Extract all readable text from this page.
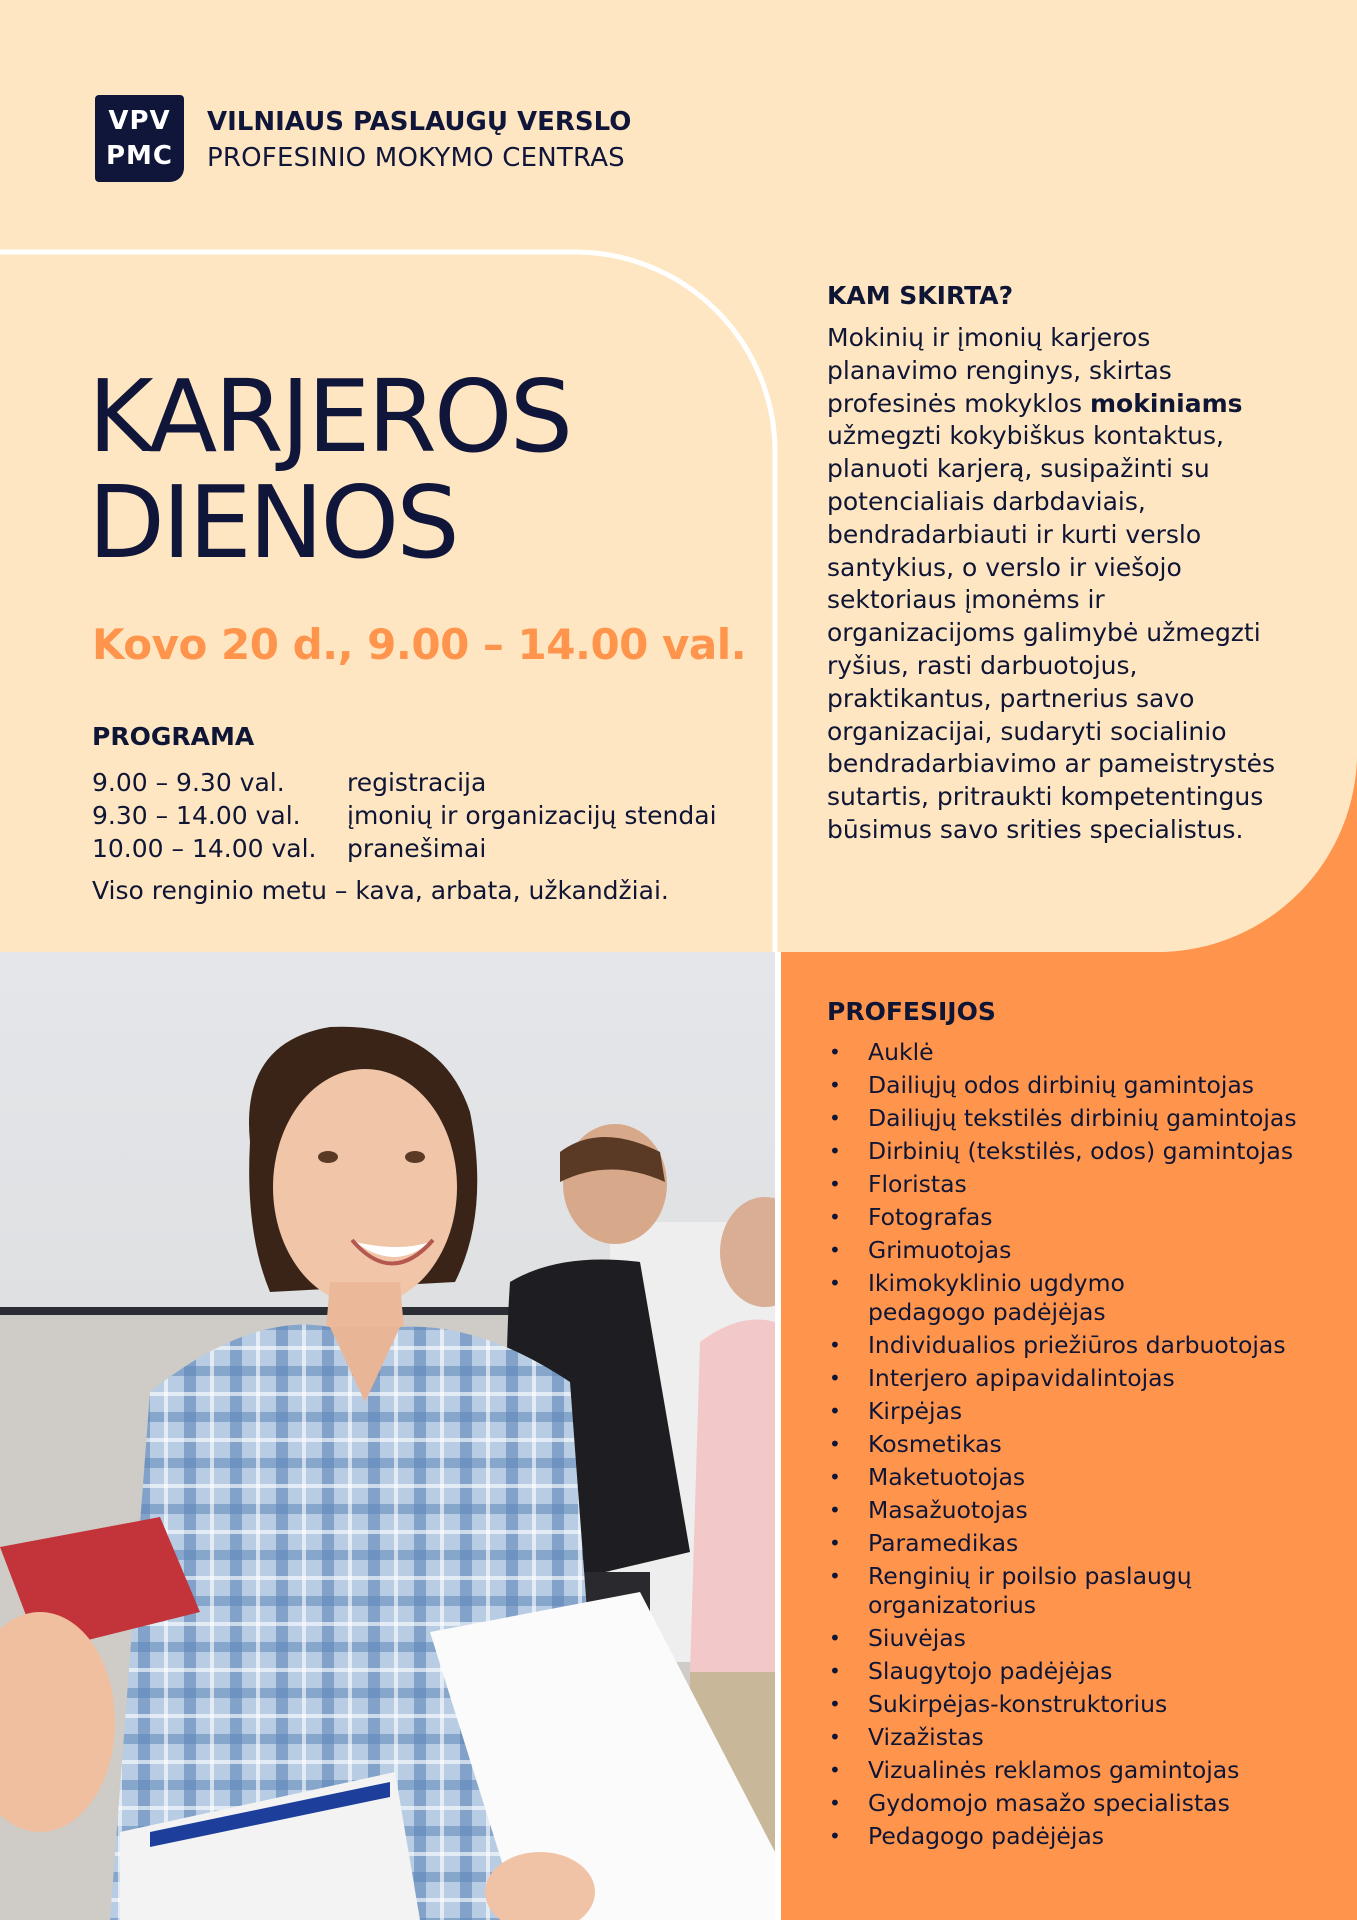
VPV
PMC
VILNIAUS PASLAUGŲ VERSLO
PROFESINIO MOKYMO CENTRAS
KARJEROS
DIENOS
Kovo 20 d., 9.00 – 14.00 val.
PROGRAMA
9.00 – 9.30 val.	registracija
9.30 – 14.00 val.	įmonių ir organizacijų stendai
10.00 – 14.00 val.	pranešimai
Viso renginio metu – kava, arbata, užkandžiai.
KAM SKIRTA?
Mokinių ir įmonių karjeros planavimo renginys, skirtas profesinės mokyklos mokiniams užmegzti kokybiškus kontaktus, planuoti karjerą, susipažinti su potencialiais darbdaviais, bendradarbiauti ir kurti verslo santykius, o verslo ir viešojo sektoriaus įmonėms ir organizacijoms galimybė užmegzti ryšius, rasti darbuotojus, praktikantus, partnerius savo organizacijai, sudaryti socialinio bendradarbiavimo ar pameistrystės sutartis, pritraukti kompetentingus būsimus savo srities specialistus.
PROFESIJOS
• Auklė
• Dailiųjų odos dirbinių gamintojas
• Dailiųjų tekstilės dirbinių gamintojas
• Dirbinių (tekstilės, odos) gamintojas
• Floristas
• Fotografas
• Grimuotojas
• Ikimokyklinio ugdymo pedagogo padėjėjas
• Individualios priežiūros darbuotojas
• Interjero apipavidalintojas
• Kirpėjas
• Kosmetikas
• Maketuotojas
• Masažuotojas
• Paramedikas
• Renginių ir poilsio paslaugų organizatorius
• Siuvėjas
• Slaugytojo padėjėjas
• Sukirpėjas-konstruktorius
• Vizažistas
• Vizualinės reklamos gamintojas
• Gydomojo masažo specialistas
• Pedagogo padėjėjas
